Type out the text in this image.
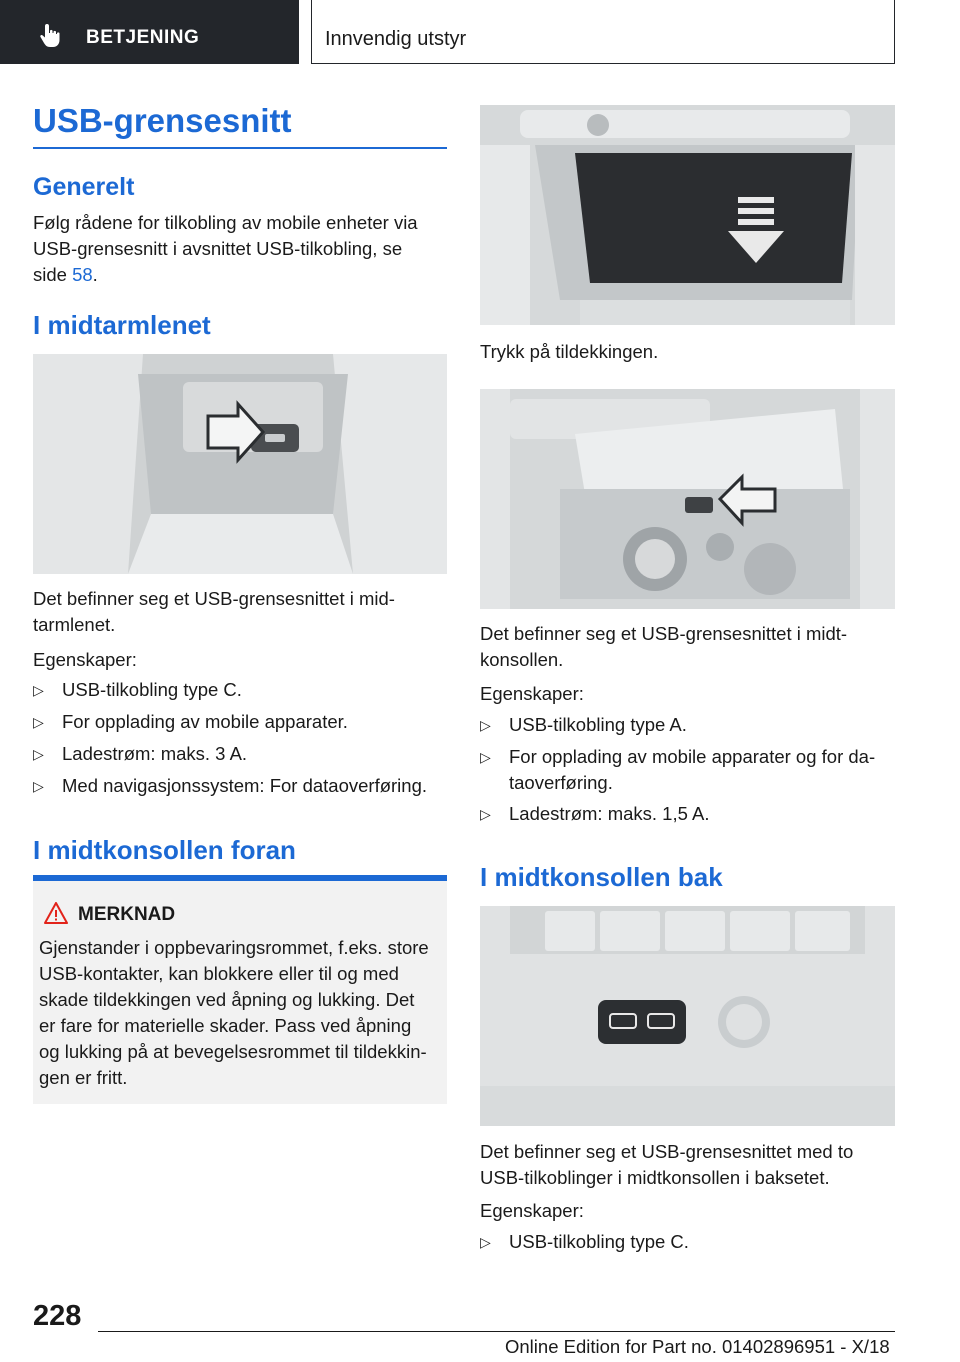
BETJENING	Innvendig utstyr
USB-grensesnitt
Generelt
Følg rådene for tilkobling av mobile enheter via
USB-grensesnitt i avsnittet USB-tilkobling, se
side 58.
I midtarmlenet
Det befinner seg et USB-grensesnittet i mid-
tarmlenet.
Egenskaper:
▷ USB-tilkobling type C.
▷ For opplading av mobile apparater.
▷ Ladestrøm: maks. 3 A.
▷ Med navigasjonssystem: For dataoverføring.
I midtkonsollen foran
MERKNAD
Gjenstander i oppbevaringsrommet, f.eks. store
USB-kontakter, kan blokkere eller til og med
skade tildekkingen ved åpning og lukking. Det
er fare for materielle skader. Pass ved åpning
og lukking på at bevegelsesrommet til tildekkin-
gen er fritt.
Trykk på tildekkingen.
Det befinner seg et USB-grensesnittet i midt-
konsollen.
Egenskaper:
▷ USB-tilkobling type A.
▷ For opplading av mobile apparater og for da-
taoverføring.
▷ Ladestrøm: maks. 1,5 A.
I midtkonsollen bak
Det befinner seg et USB-grensesnittet med to
USB-tilkoblinger i midtkonsollen i baksetet.
Egenskaper:
▷ USB-tilkobling type C.
228
Online Edition for Part no. 01402896951 - X/18
